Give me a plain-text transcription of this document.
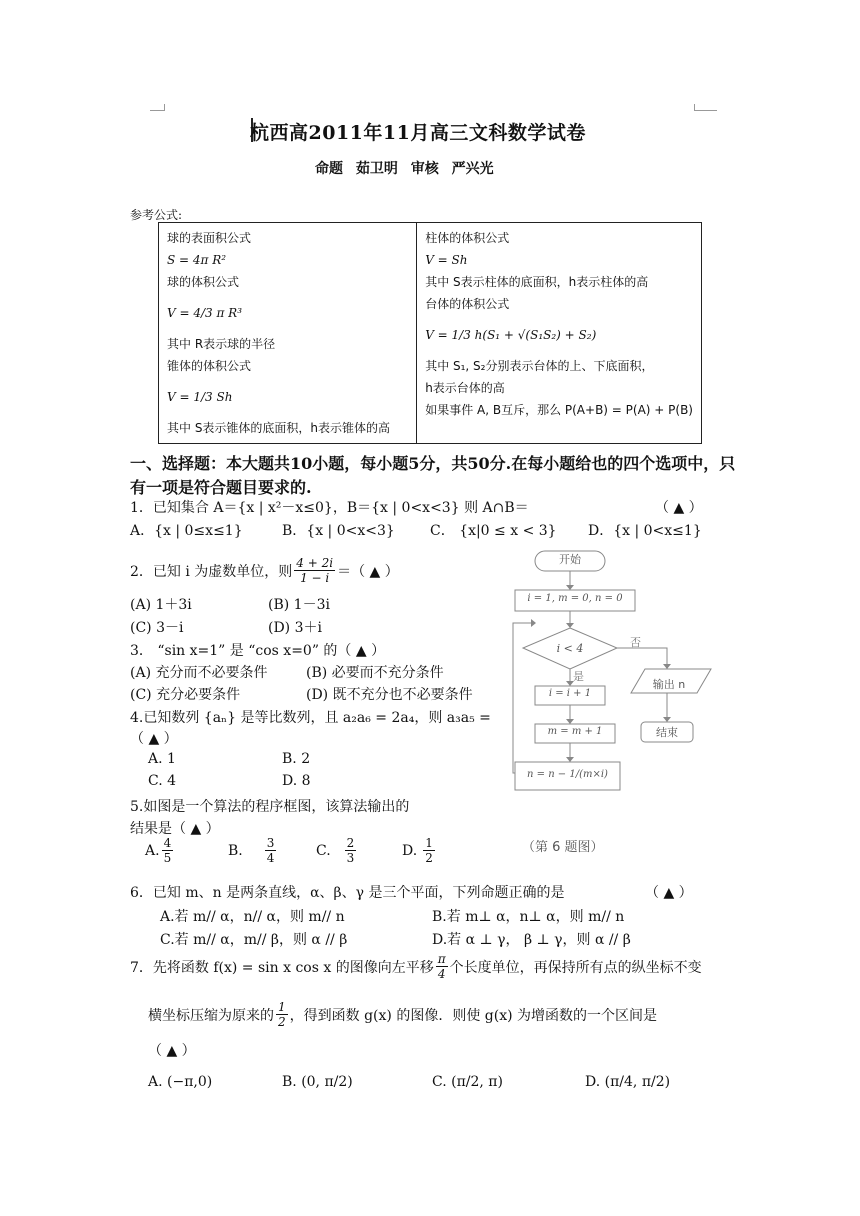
杭西高2011年11月高三文科数学试卷
命题 茹卫明 审核 严兴光
参考公式:
球的表面积公式
S = 4π R²
球的体积公式
V = 4/3 π R³
其中 R表示球的半径
锥体的体积公式
V = 1/3 Sh
其中 S表示锥体的底面积，h表示锥体的高

柱体的体积公式
V = Sh
其中 S表示柱体的底面积，h表示柱体的高
台体的体积公式
V = 1/3 h(S₁ + √(S₁S₂) + S₂)
其中 S₁, S₂分别表示台体的上、下底面积，
h表示台体的高
如果事件 A, B互斥，那么 P(A+B) = P(A) + P(B)
一、选择题：本大题共10小题，每小题5分，共50分.在每小题给也的四个选项中，只有一项是符合题目要求的.
1．已知集合 A＝{x | x²－x≤0}，B＝{x | 0<x<3} 则 A∩B＝	（ ▲ ）
A．{x | 0≤x≤1}	B．{x | 0<x<3}	C． {x|0 ≤ x < 3} D．{x | 0<x≤1}
2．已知 i 为虚数单位，则 $\frac{4 + 2i}{1 - i}$ ＝（ ▲ ）
(A) 1＋3i	(B) 1－3i
(C) 3－i	(D) 3＋i
3． “sin x=1” 是 “cos x=0” 的（ ▲ ）
(A) 充分而不必要条件	(B) 必要而不充分条件
(C) 充分必要条件	(D) 既不充分也不必要条件
4.已知数列 {aₙ} 是等比数列，且 a₂a₆ = 2a₄，则 a₃a₅ =
（ ▲ ）
A. 1	B. 2
C. 4	D. 8
5.如图是一个算法的程序框图，该算法输出的
结果是（ ▲ ）
A. $\frac{4}{5}$	B. $\frac{3}{4}$	C. $\frac{2}{3}$	D. $\frac{1}{2}$
6．已知 m、n 是两条直线，α、β、γ 是三个平面，下列命题正确的是	（ ▲ ）
A.若 m// α，n// α，则 m// n	B.若 m⊥ α，n⊥ α，则 m// n
C.若 m// α，m// β，则 α // β	D.若 α ⊥ γ， β ⊥ γ，则 α // β
7．先将函数 f(x) = sin x cos x 的图像向左平移 $\frac{\pi}{4}$ 个长度单位，再保持所有点的纵坐标不变
横坐标压缩为原来的 $\frac{1}{2}$ ，得到函数 g(x) 的图像．则使 g(x) 为增函数的一个区间是
（ ▲ ）
A. (−π,0)	B. (0, π/2)	C. (π/2, π)	D. (π/4, π/2)
开始
i = 1, m = 0, n = 0
i < 4	否
是
i = i + 1
m = m + 1
n = n − 1/(m×i)
输出 n
结束
（第 6 题图）
